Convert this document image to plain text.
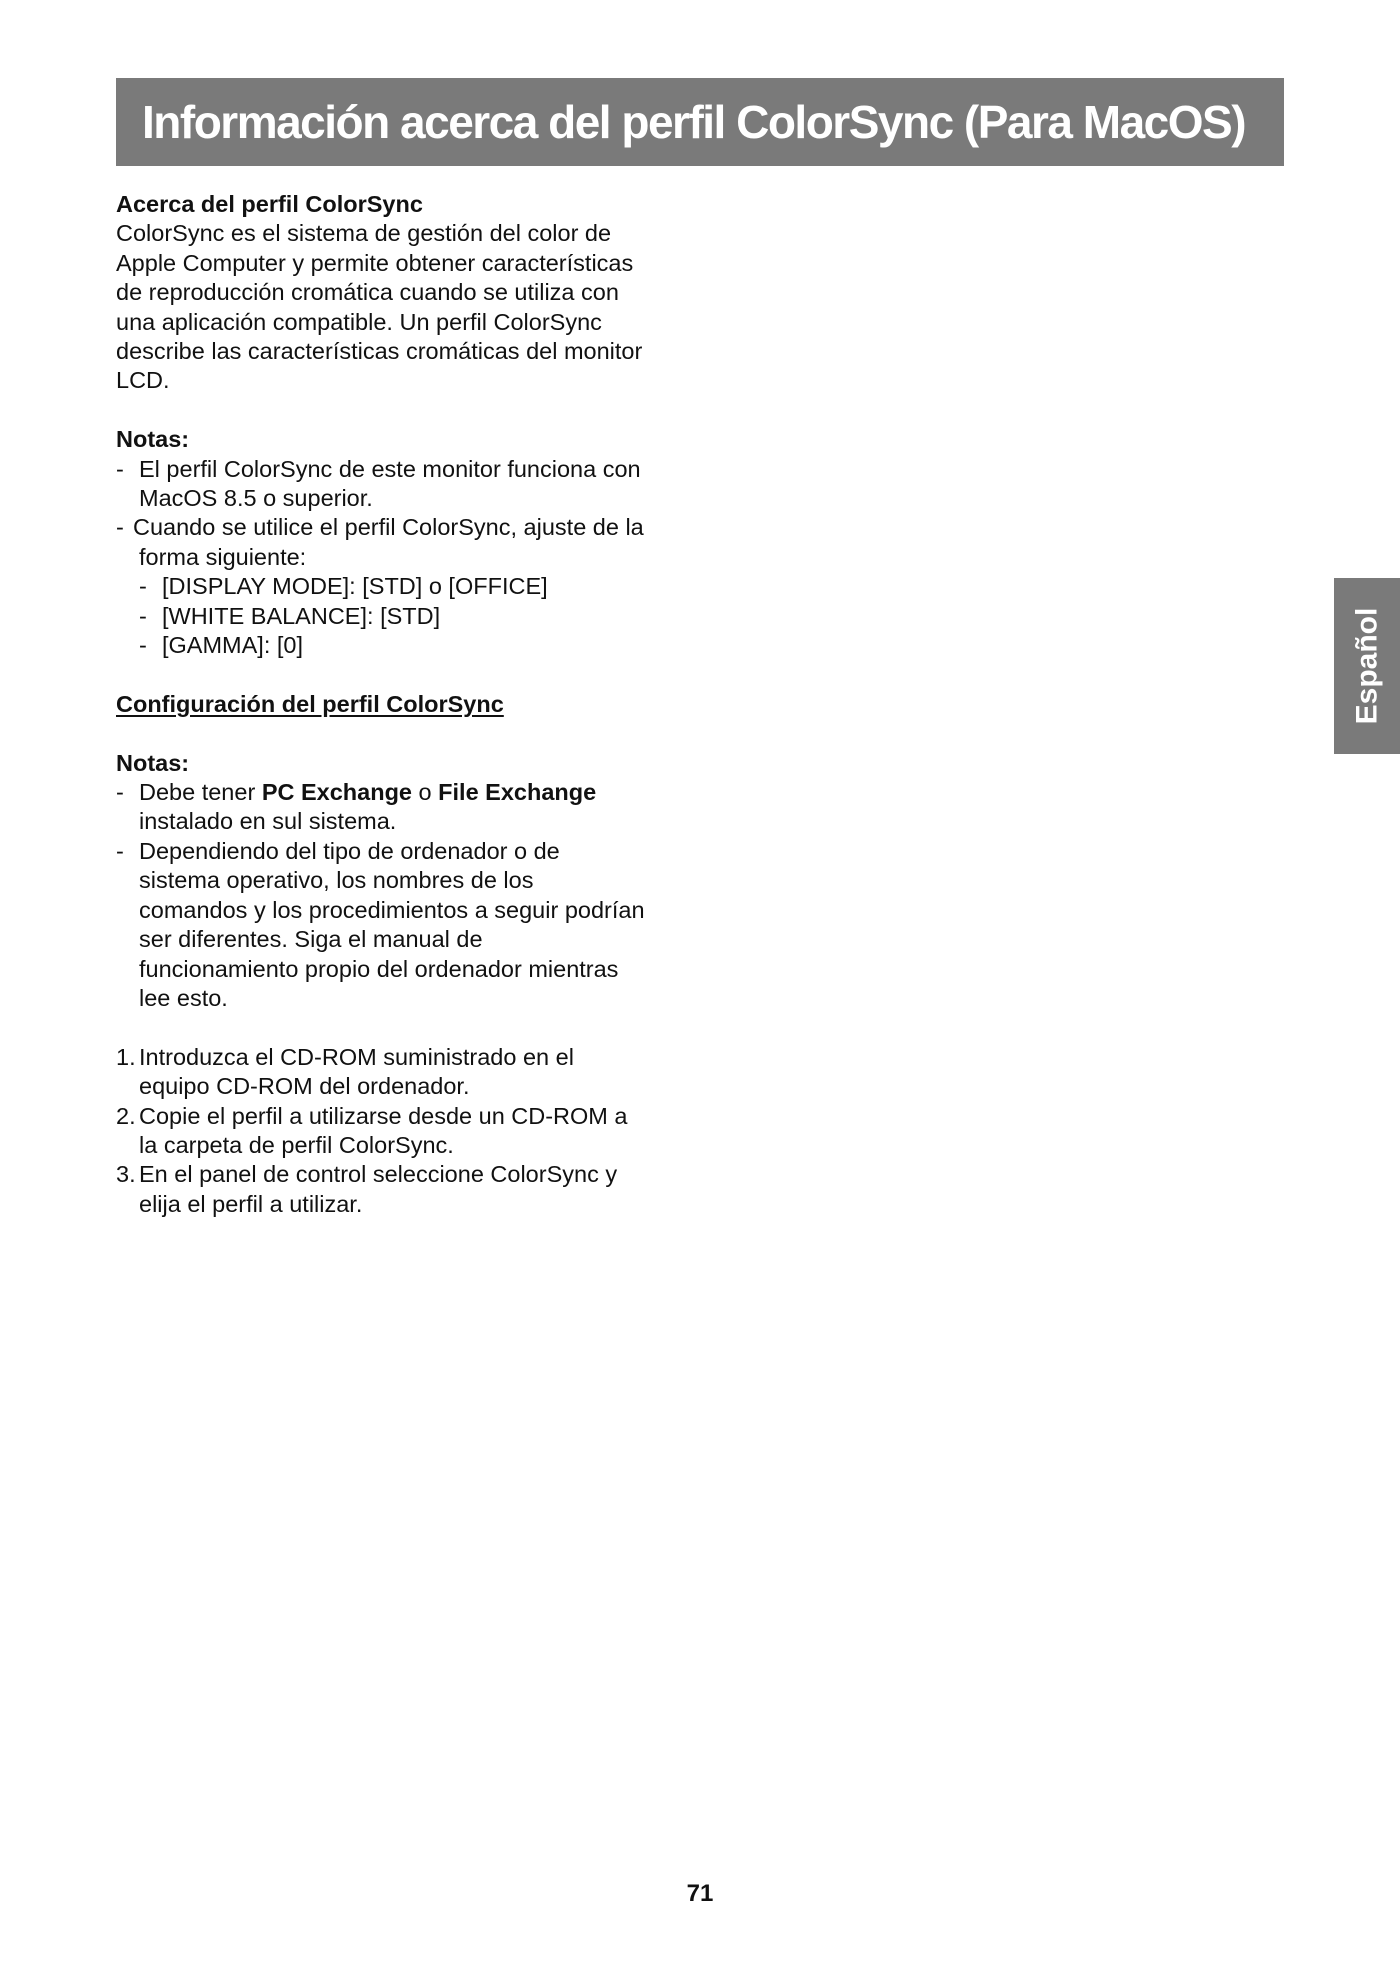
Información acerca del perfil ColorSync (Para MacOS)
Español

Acerca del perfil ColorSync

ColorSync es el sistema de gestión del color de

Apple Computer y permite obtener características

de reproducción cromática cuando se utiliza con

una aplicación compatible. Un perfil ColorSync

describe las características cromáticas del monitor

LCD.

Notas:

- El perfil ColorSync de este monitor funciona con

MacOS 8.5 o superior.

- Cuando se utilice el perfil ColorSync, ajuste de la

forma siguiente:

- [DISPLAY MODE]: [STD] o [OFFICE]

- [WHITE BALANCE]: [STD]

- [GAMMA]: [0]

Configuración del perfil ColorSync

Notas:

- Debe tener PC Exchange o File Exchange

instalado en sul sistema.

- Dependiendo del tipo de ordenador o de

sistema operativo, los nombres de los

comandos y los procedimientos a seguir podrían

ser diferentes. Siga el manual de

funcionamiento propio del ordenador mientras

lee esto.

1. Introduzca el CD-ROM suministrado en el

equipo CD-ROM del ordenador.

2. Copie el perfil a utilizarse desde un CD-ROM a

la carpeta de perfil ColorSync.

3. En el panel de control seleccione ColorSync y

elija el perfil a utilizar.

71
